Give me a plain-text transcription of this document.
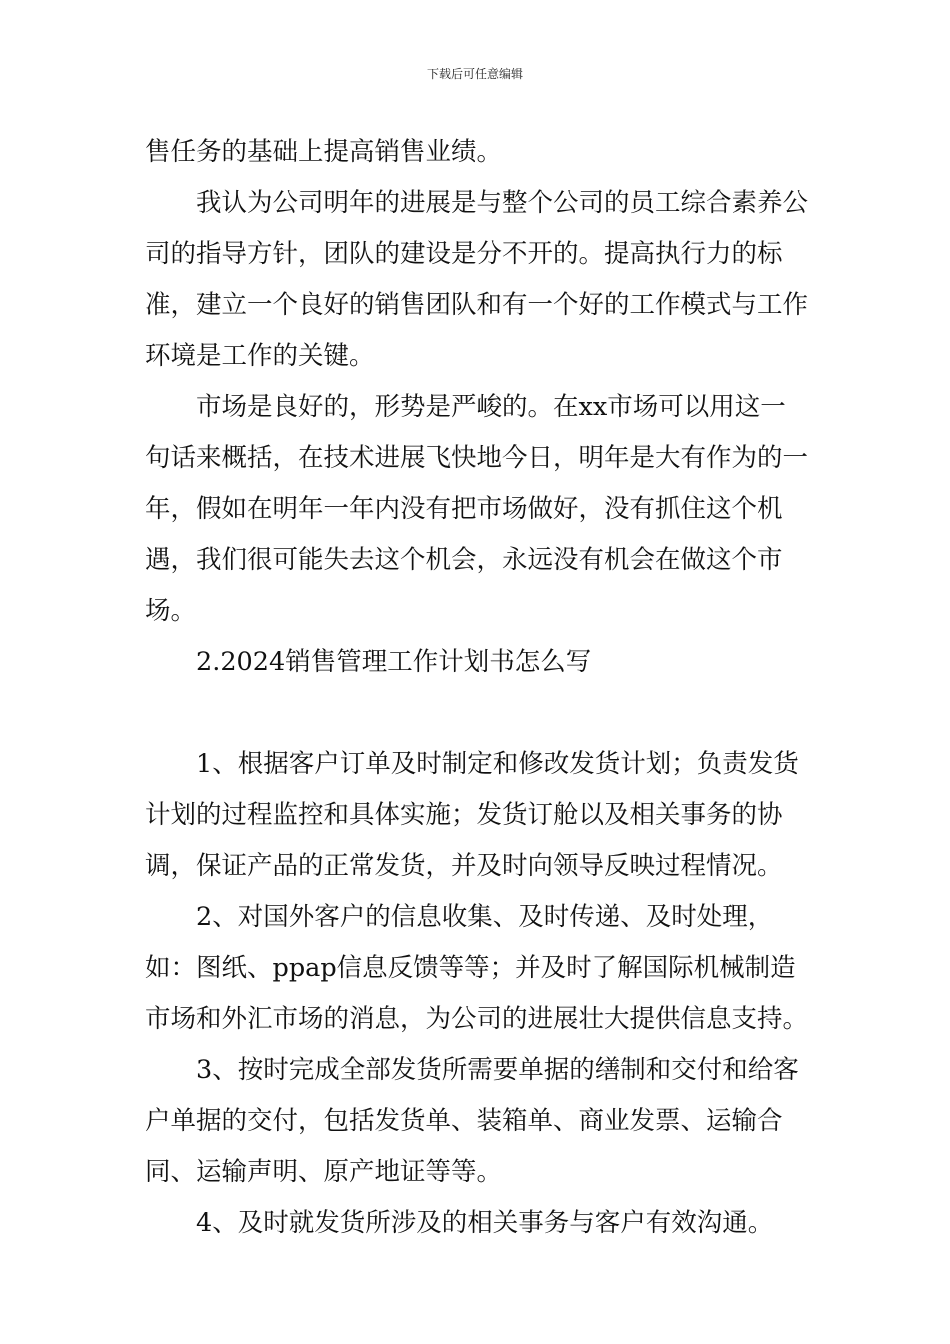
下载后可任意编辑

售任务的基础上提高销售业绩。

我认为公司明年的进展是与整个公司的员工综合素养公司的指导方针，团队的建设是分不开的。提高执行力的标准，建立一个良好的销售团队和有一个好的工作模式与工作环境是工作的关键。

市场是良好的，形势是严峻的。在xx市场可以用这一句话来概括，在技术进展飞快地今日，明年是大有作为的一年，假如在明年一年内没有把市场做好，没有抓住这个机遇，我们很可能失去这个机会，永远没有机会在做这个市场。

2.2024销售管理工作计划书怎么写

1、根据客户订单及时制定和修改发货计划；负责发货计划的过程监控和具体实施；发货订舱以及相关事务的协调，保证产品的正常发货，并及时向领导反映过程情况。

2、对国外客户的信息收集、及时传递、及时处理，如：图纸、ppap信息反馈等等；并及时了解国际机械制造市场和外汇市场的消息，为公司的进展壮大提供信息支持。

3、按时完成全部发货所需要单据的缮制和交付和给客户单据的交付，包括发货单、装箱单、商业发票、运输合同、运输声明、原产地证等等。

4、及时就发货所涉及的相关事务与客户有效沟通。
